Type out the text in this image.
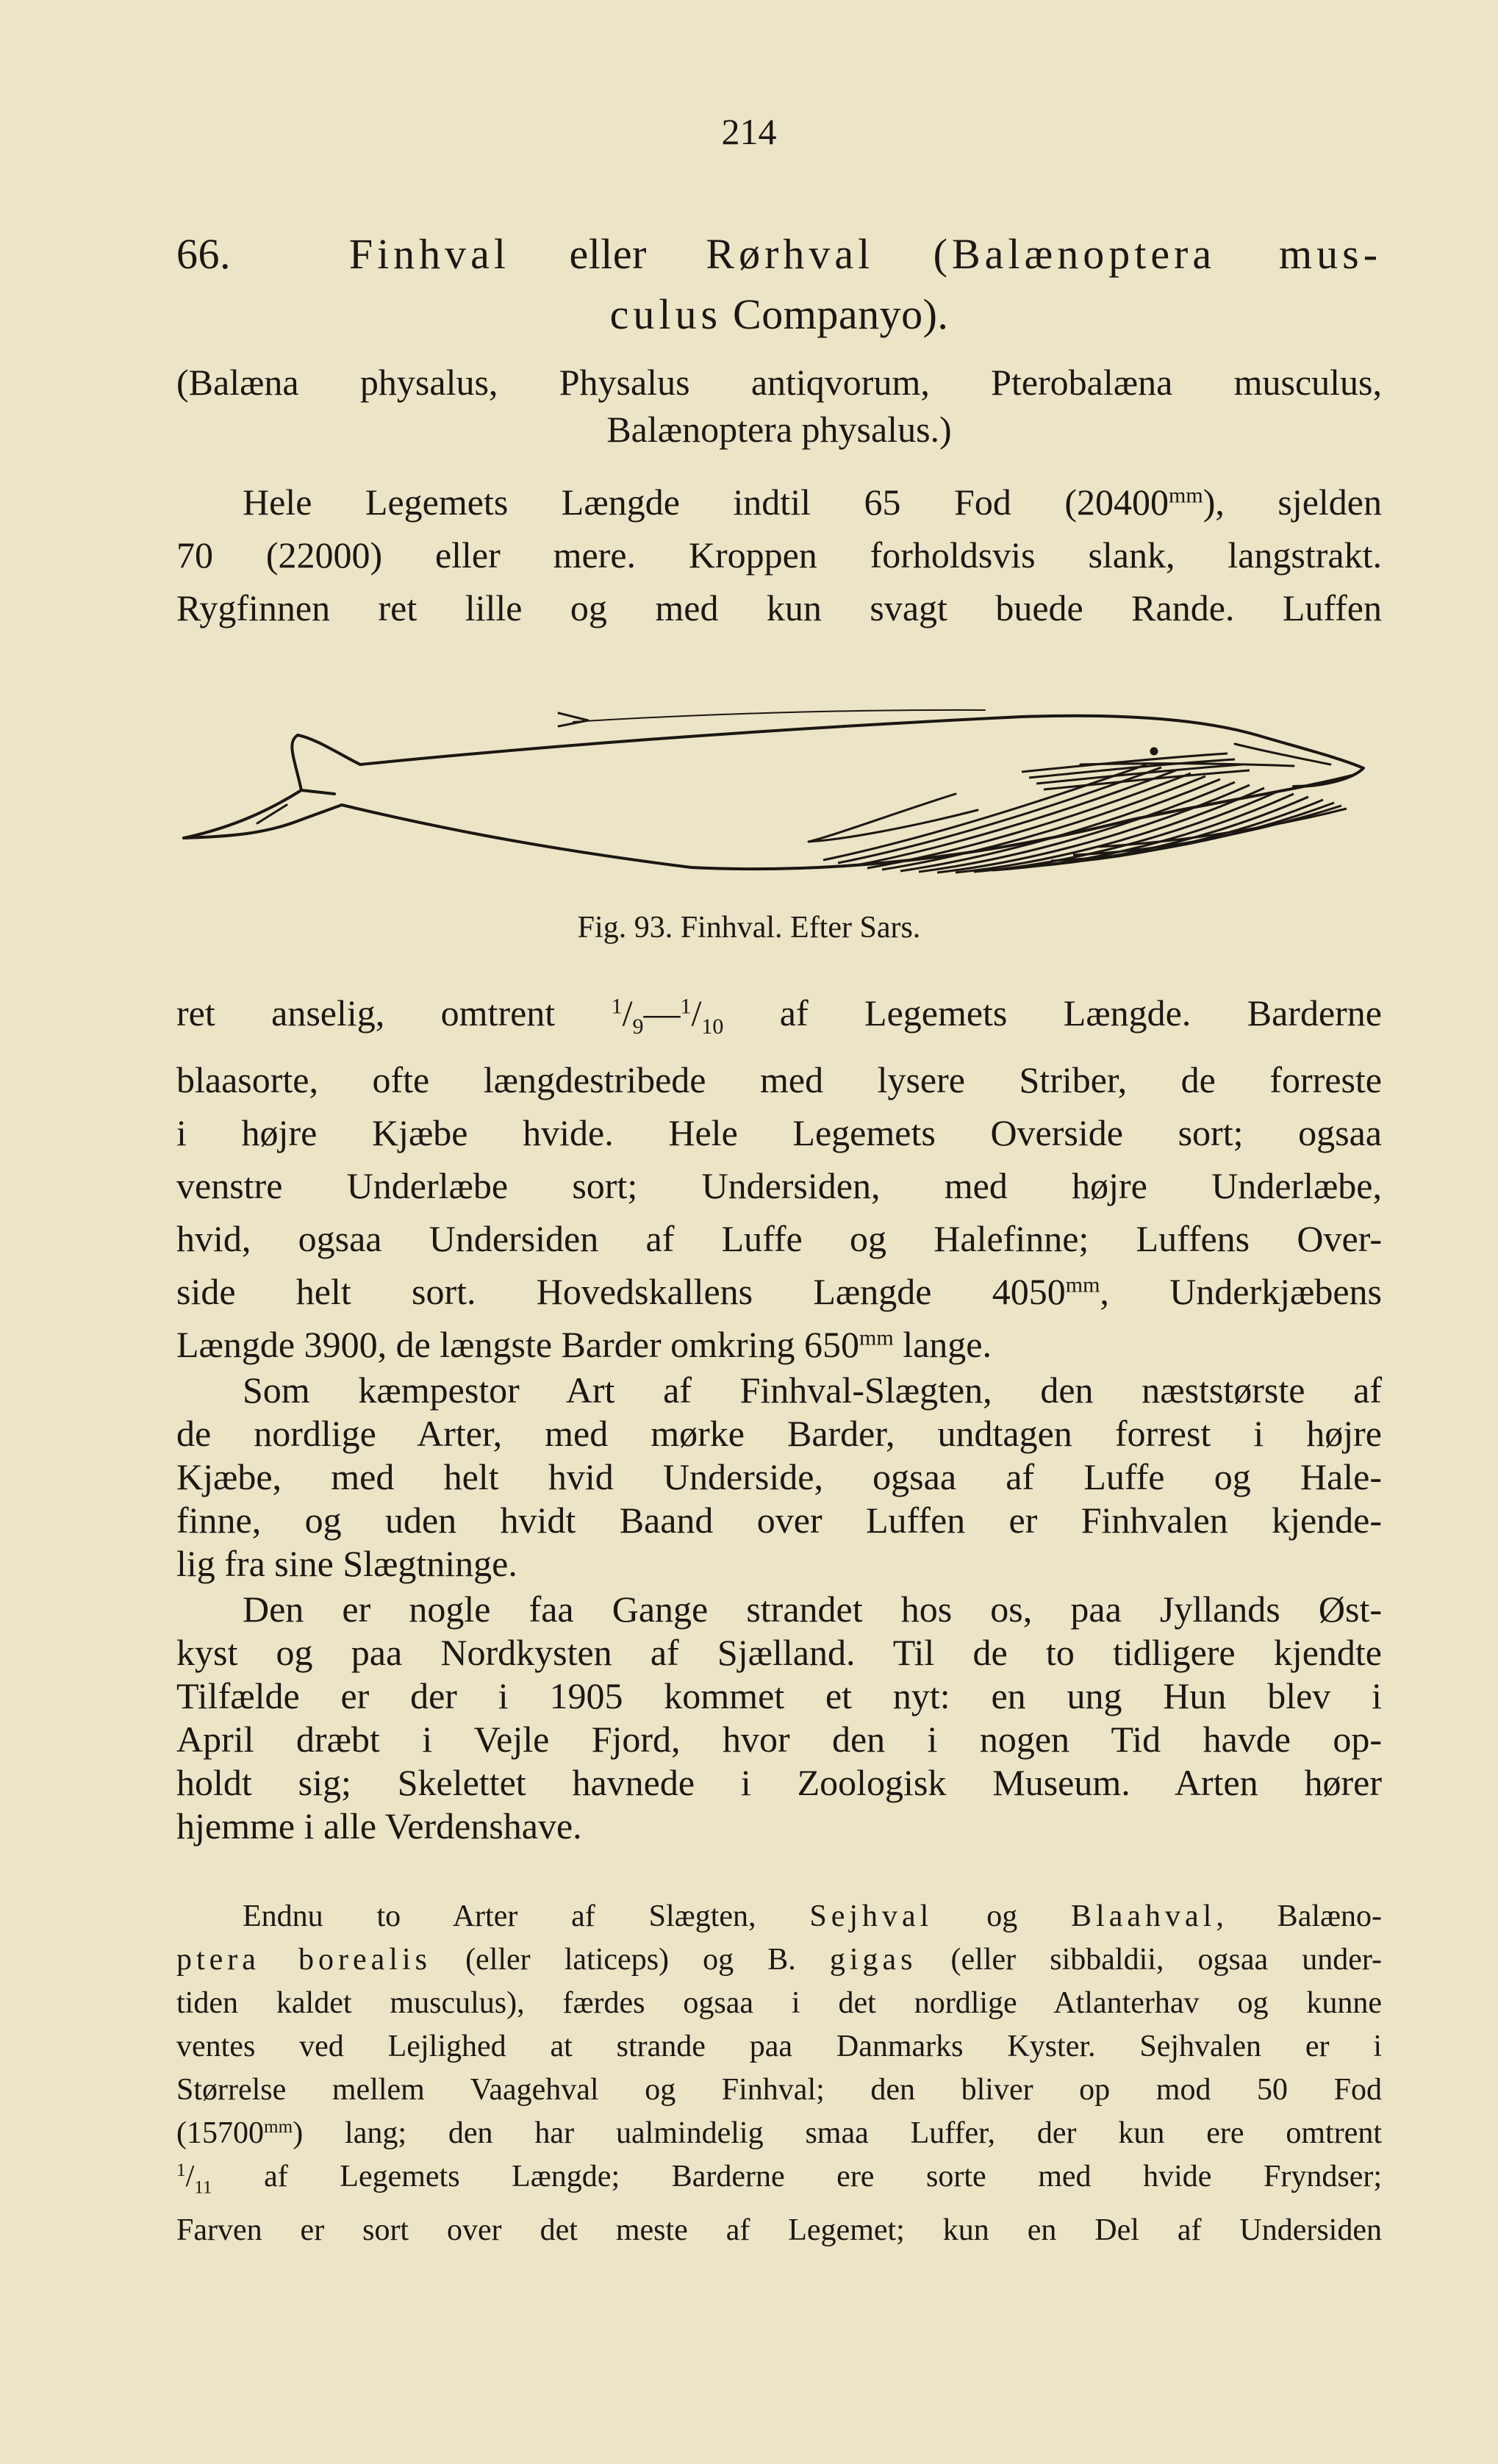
214
66.	Finhval eller Rørhval (Balænoptera mus-
culus Companyo).
(Balæna physalus, Physalus antiqvorum, Pterobalæna musculus,
Balænoptera physalus.)
Hele Legemets Længde indtil 65 Fod $(20400^{mm})$, sjelden
70 (22000) eller mere. Kroppen forholdsvis slank, langstrakt.
Rygfinnen ret lille og med kun svagt buede Rande. Luffen
Fig. 93. Finhval. Efter Sars.
ret anselig, omtrent $^1/_9—^1/_{10}$ af Legemets Længde. Barderne
blaasorte, ofte længdestribede med lysere Striber, de forreste
i højre Kjæbe hvide. Hele Legemets Overside sort; ogsaa
venstre Underlæbe sort; Undersiden, med højre Underlæbe,
hvid, ogsaa Undersiden af Luffe og Halefinne; Luffens Over-
side helt sort. Hovedskallens Længde $4050^{mm}$, Underkjæbens
Længde 3900, de længste Barder omkring $650^{mm}$ lange.
Som kæmpestor Art af Finhval-Slægten, den næststørste af
de nordlige Arter, med mørke Barder, undtagen forrest i højre
Kjæbe, med helt hvid Underside, ogsaa af Luffe og Hale-
finne, og uden hvidt Baand over Luffen er Finhvalen kjende-
lig fra sine Slægtninge.
Den er nogle faa Gange strandet hos os, paa Jyllands Øst-
kyst og paa Nordkysten af Sjælland. Til de to tidligere kjendte
Tilfælde er der i 1905 kommet et nyt: en ung Hun blev i
April dræbt i Vejle Fjord, hvor den i nogen Tid havde op-
holdt sig; Skelettet havnede i Zoologisk Museum. Arten hører
hjemme i alle Verdenshave.
Endnu to Arter af Slægten, Sejhval og Blaahval, Balæno-
ptera borealis (eller laticeps) og B. gigas (eller sibbaldii, ogsaa under-
tiden kaldet musculus), færdes ogsaa i det nordlige Atlanterhav og kunne
ventes ved Lejlighed at strande paa Danmarks Kyster. Sejhvalen er i
Størrelse mellem Vaagehval og Finhval; den bliver op mod 50 Fod
$(15700^{mm})$ lang; den har ualmindelig smaa Luffer, der kun ere omtrent
$^1/_{11}$ af Legemets Længde; Barderne ere sorte med hvide Fryndser;
Farven er sort over det meste af Legemet; kun en Del af Undersiden
